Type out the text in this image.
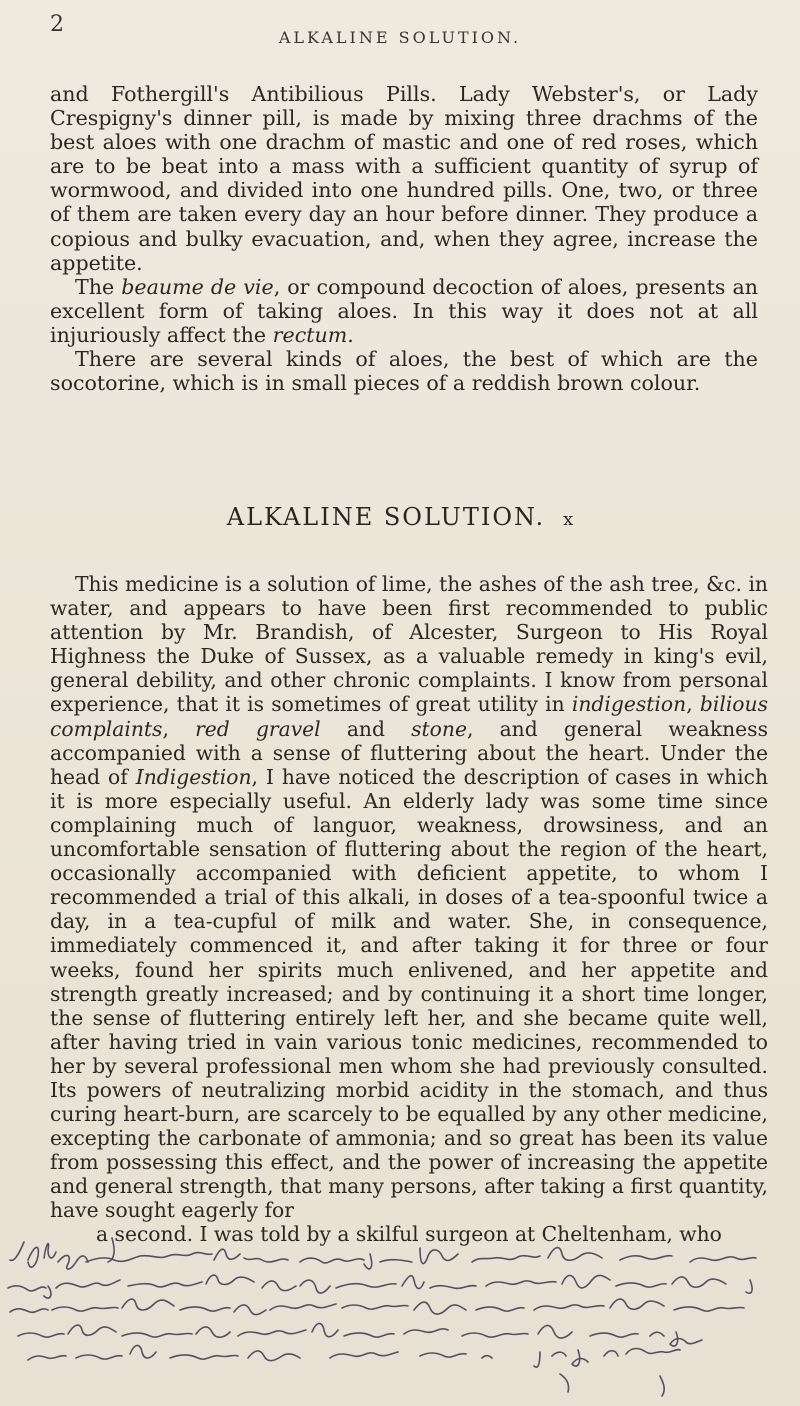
2
ALKALINE SOLUTION.

and Fothergill's Antibilious Pills. Lady Webster's, or Lady Crespigny's dinner pill, is made by mixing three drachms of the best aloes with one drachm of mastic and one of red roses, which are to be beat into a mass with a sufficient quantity of syrup of wormwood, and divided into one hundred pills. One, two, or three of them are taken every day an hour before dinner. They produce a copious and bulky evacuation, and, when they agree, increase the appetite.

The beaume de vie, or compound decoction of aloes, presents an excellent form of taking aloes. In this way it does not at all injuriously affect the rectum.

There are several kinds of aloes, the best of which are the socotorine, which is in small pieces of a reddish brown colour.

ALKALINE SOLUTION. x

This medicine is a solution of lime, the ashes of the ash tree, &c. in water, and appears to have been first recommended to public attention by Mr. Brandish, of Alcester, Surgeon to His Royal Highness the Duke of Sussex, as a valuable remedy in king's evil, general debility, and other chronic complaints. I know from personal experience, that it is sometimes of great utility in indigestion, bilious complaints, red gravel and stone, and general weakness accompanied with a sense of fluttering about the heart. Under the head of Indigestion, I have noticed the description of cases in which it is more especially useful. An elderly lady was some time since complaining much of languor, weakness, drowsiness, and an uncomfortable sensation of fluttering about the region of the heart, occasionally accompanied with deficient appetite, to whom I recommended a trial of this alkali, in doses of a tea-spoonful twice a day, in a tea-cupful of milk and water. She, in consequence, immediately commenced it, and after taking it for three or four weeks, found her spirits much enlivened, and her appetite and strength greatly increased; and by continuing it a short time longer, the sense of fluttering entirely left her, and she became quite well, after having tried in vain various tonic medicines, recommended to her by several professional men whom she had previously consulted. Its powers of neutralizing morbid acidity in the stomach, and thus curing heart-burn, are scarcely to be equalled by any other medicine, excepting the carbonate of ammonia; and so great has been its value from possessing this effect, and the power of increasing the appetite and general strength, that many persons, after taking a first quantity, have sought eagerly for

a second. I was told by a skilful surgeon at Cheltenham, who
